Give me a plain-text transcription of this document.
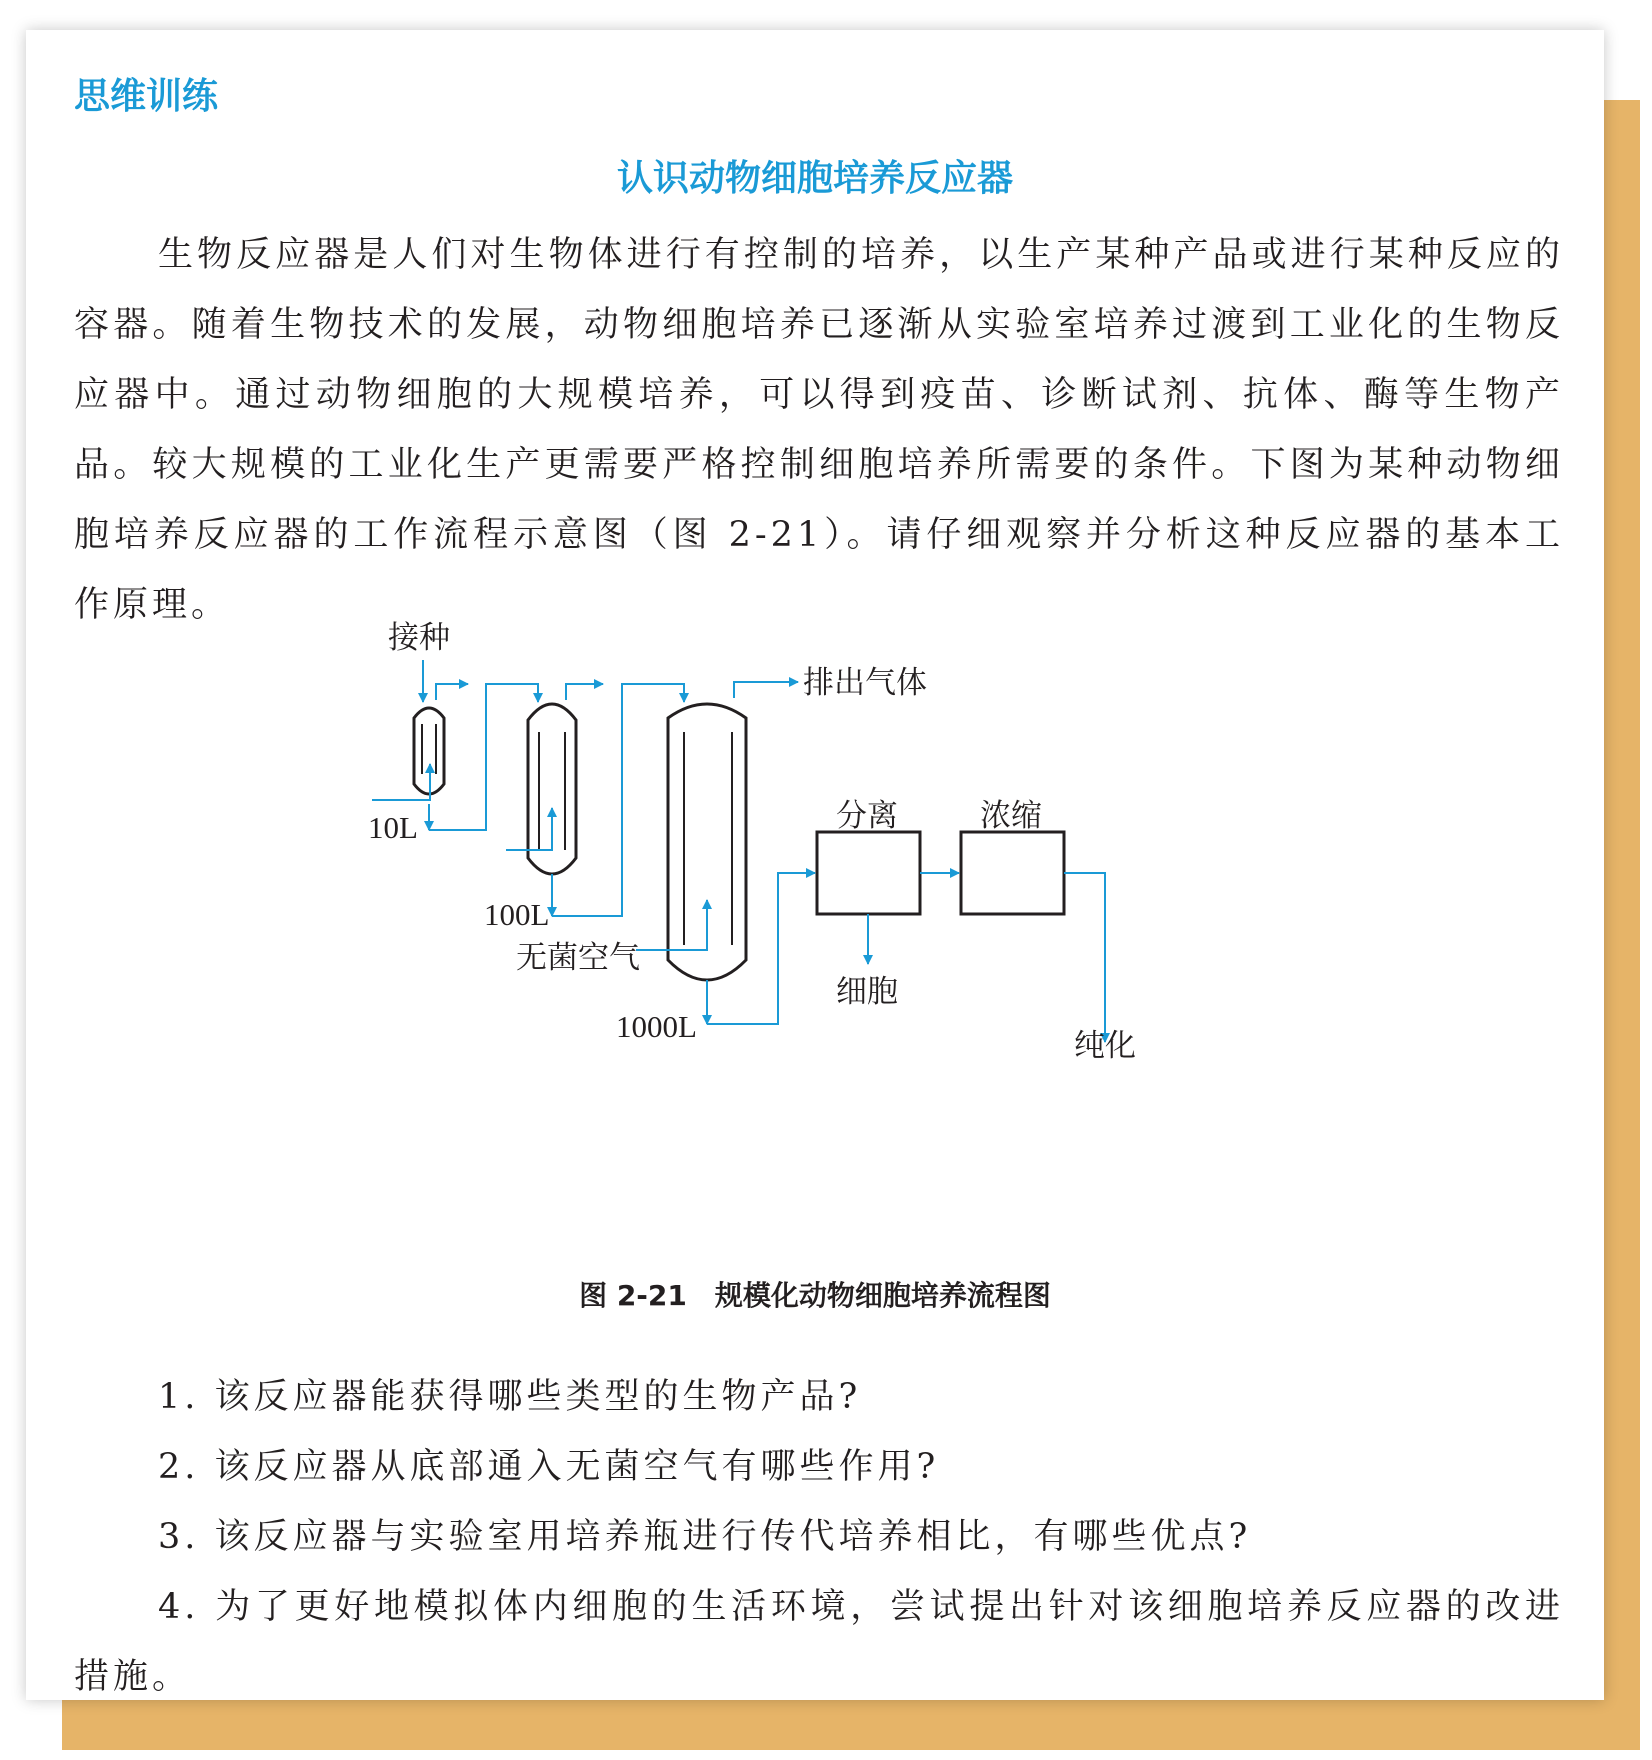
思维训练
认识动物细胞培养反应器

生物反应器是人们对生物体进行有控制的培养，以生产某种产品或进行某种反应的容器。随着生物技术的发展，动物细胞培养已逐渐从实验室培养过渡到工业化的生物反应器中。通过动物细胞的大规模培养，可以得到疫苗、诊断试剂、抗体、酶等生物产品。较大规模的工业化生产更需要严格控制细胞培养所需要的条件。下图为某种动物细胞培养反应器的工作流程示意图（图 2-21）。请仔细观察并分析这种反应器的基本工作原理。

接种
排出气体
10L
100L
无菌空气
1000L
分离	浓缩
细胞
纯化

图 2-21　规模化动物细胞培养流程图

1. 该反应器能获得哪些类型的生物产品?
2. 该反应器从底部通入无菌空气有哪些作用?
3. 该反应器与实验室用培养瓶进行传代培养相比，有哪些优点?
4. 为了更好地模拟体内细胞的生活环境，尝试提出针对该细胞培养反应器的改进措施。
